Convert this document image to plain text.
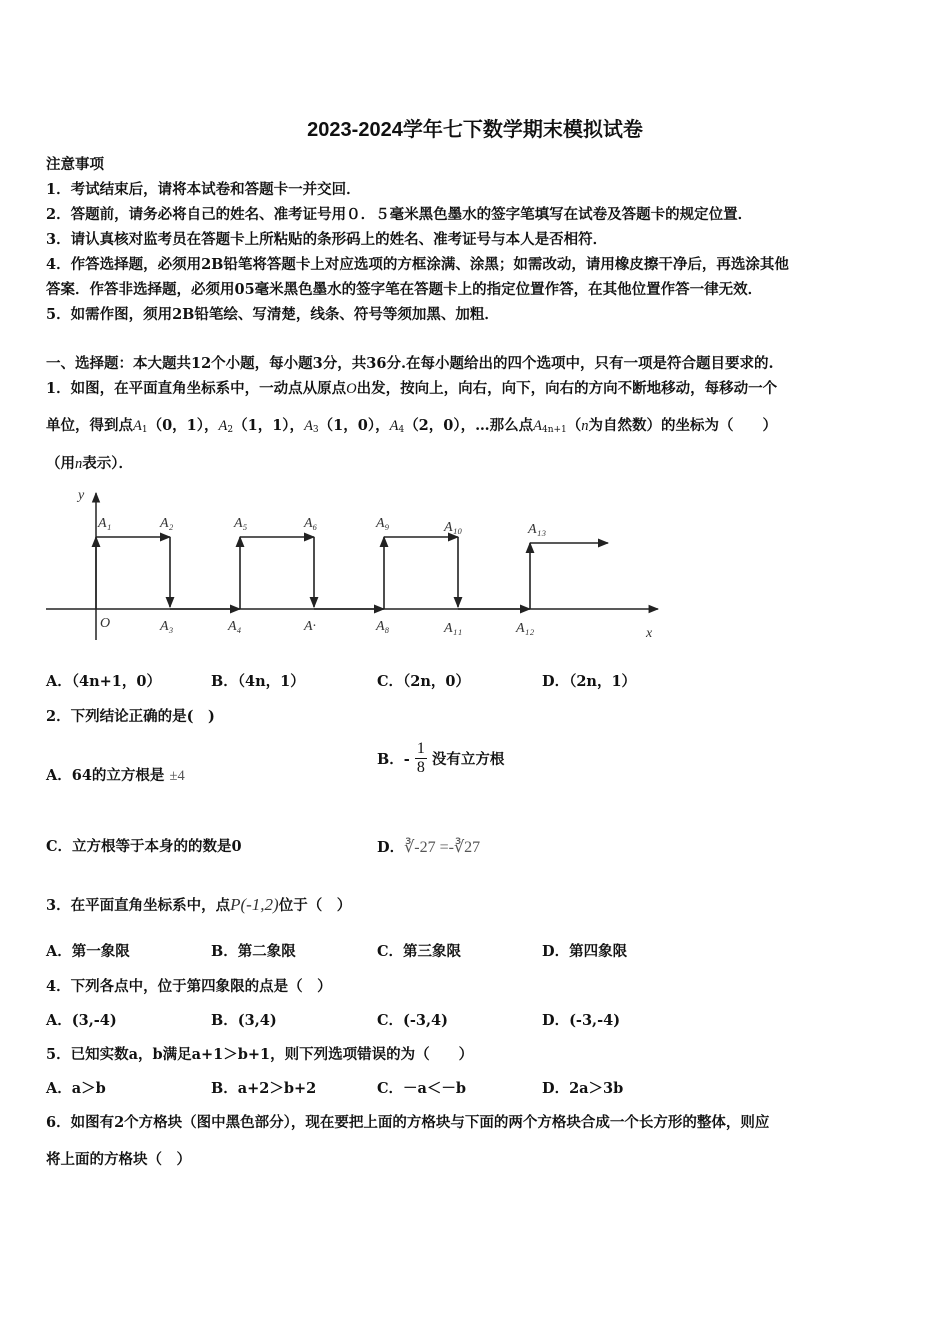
2023-2024学年七下数学期末模拟试卷
注意事项
1．考试结束后，请将本试卷和答题卡一并交回．
2．答题前，请务必将自己的姓名、准考证号用０．５毫米黑色墨水的签字笔填写在试卷及答题卡的规定位置．
3．请认真核对监考员在答题卡上所粘贴的条形码上的姓名、准考证号与本人是否相符．
4．作答选择题，必须用2B铅笔将答题卡上对应选项的方框涂满、涂黑；如需改动，请用橡皮擦干净后，再选涂其他
答案．作答非选择题，必须用05毫米黑色墨水的签字笔在答题卡上的指定位置作答，在其他位置作答一律无效．
5．如需作图，须用2B铅笔绘、写清楚，线条、符号等须加黑、加粗．
一、选择题：本大题共12个小题，每小题3分，共36分.在每小题给出的四个选项中，只有一项是符合题目要求的.
1．如图，在平面直角坐标系中，一动点从原点O出发，按向上，向右，向下，向右的方向不断地移动，每移动一个
单位，得到点$A_1(0$，1），$A_2(1$，1），$A_3(1$，0），$A_4(2$，0），…那么点$A_{4n+1}(n$为自然数）的坐标为（　　）
（用n表示）．
y
x
O
A₁	A₂
A₃	A₄
A₅	A₆
A·	A₈
A₉	A₁₀
A₁₁	A₁₂
A₁₃
A．（4n+1，0）	B．（4n，1）	C．（2n，0）	D．（2n，1）
2．下列结论正确的是(　)
A．64的立方根是 ±4
B．- $\frac{1}{8}$ 没有立方根
C．立方根等于本身的的数是0	D．∛-27 =-∛27
3．在平面直角坐标系中，点P(-1,2)位于（　）
A．第一象限	B．第二象限	C．第三象限	D．第四象限
4．下列各点中，位于第四象限的点是（　）
A．(3,-4)	B．(3,4)	C．(-3,4)	D．(-3,-4)
5．已知实数a，b满足a+1＞b+1，则下列选项错误的为（　　）
A．a＞b	B．a+2＞b+2	C．－a＜－b	D．2a＞3b
6．如图有2个方格块（图中黑色部分），现在要把上面的方格块与下面的两个方格块合成一个长方形的整体，则应
将上面的方格块（　）
